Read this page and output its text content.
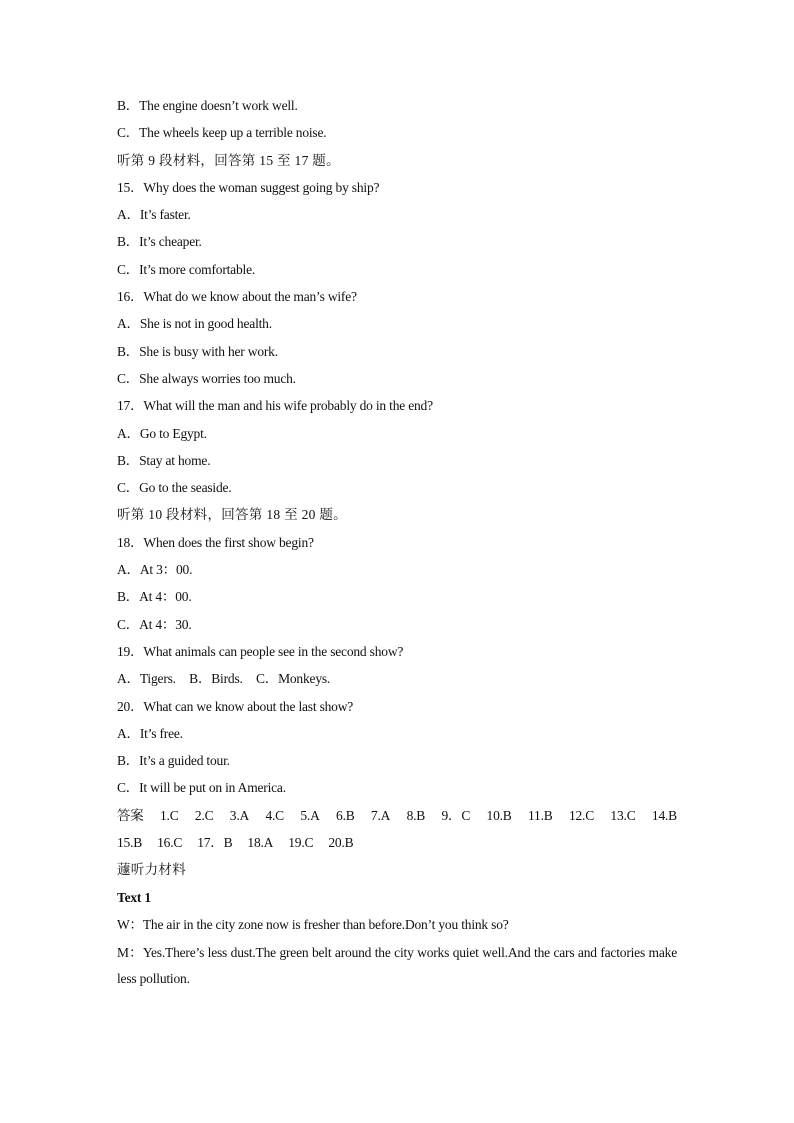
B．The engine doesn’t work well.
C．The wheels keep up a terrible noise.
听第 9 段材料，回答第 15 至 17 题。
15．Why does the woman suggest going by ship?
A．It’s faster.
B．It’s cheaper.
C．It’s more comfortable.
16．What do we know about the man’s wife?
A．She is not in good health.
B．She is busy with her work.
C．She always worries too much.
17．What will the man and his wife probably do in the end?
A．Go to Egypt.
B．Stay at home.
C．Go to the seaside.
听第 10 段材料，回答第 18 至 20 题。
18．When does the first show begin?
A．At 3：00.
B．At 4：00.
C．At 4：30.
19．What animals can people see in the second show?
A．Tigers.　B．Birds.　C．Monkeys.
20．What can we know about the last show?
A．It’s free.
B．It’s a guided tour.
C．It will be put on in America.
答案 1.C 2.C 3.A 4.C 5.A 6.B 7.A 8.B 9．C 10.B 11.B 12.C 13.C 14.B
15.B 16.C 17．B 18.A 19.C 20.B
蘧听力材料
Text 1
W：The air in the city zone now is fresher than before.Don’t you think so?
M：Yes.There’s less dust.The green belt around the city works quiet well.And the cars and factories make less pollution.
